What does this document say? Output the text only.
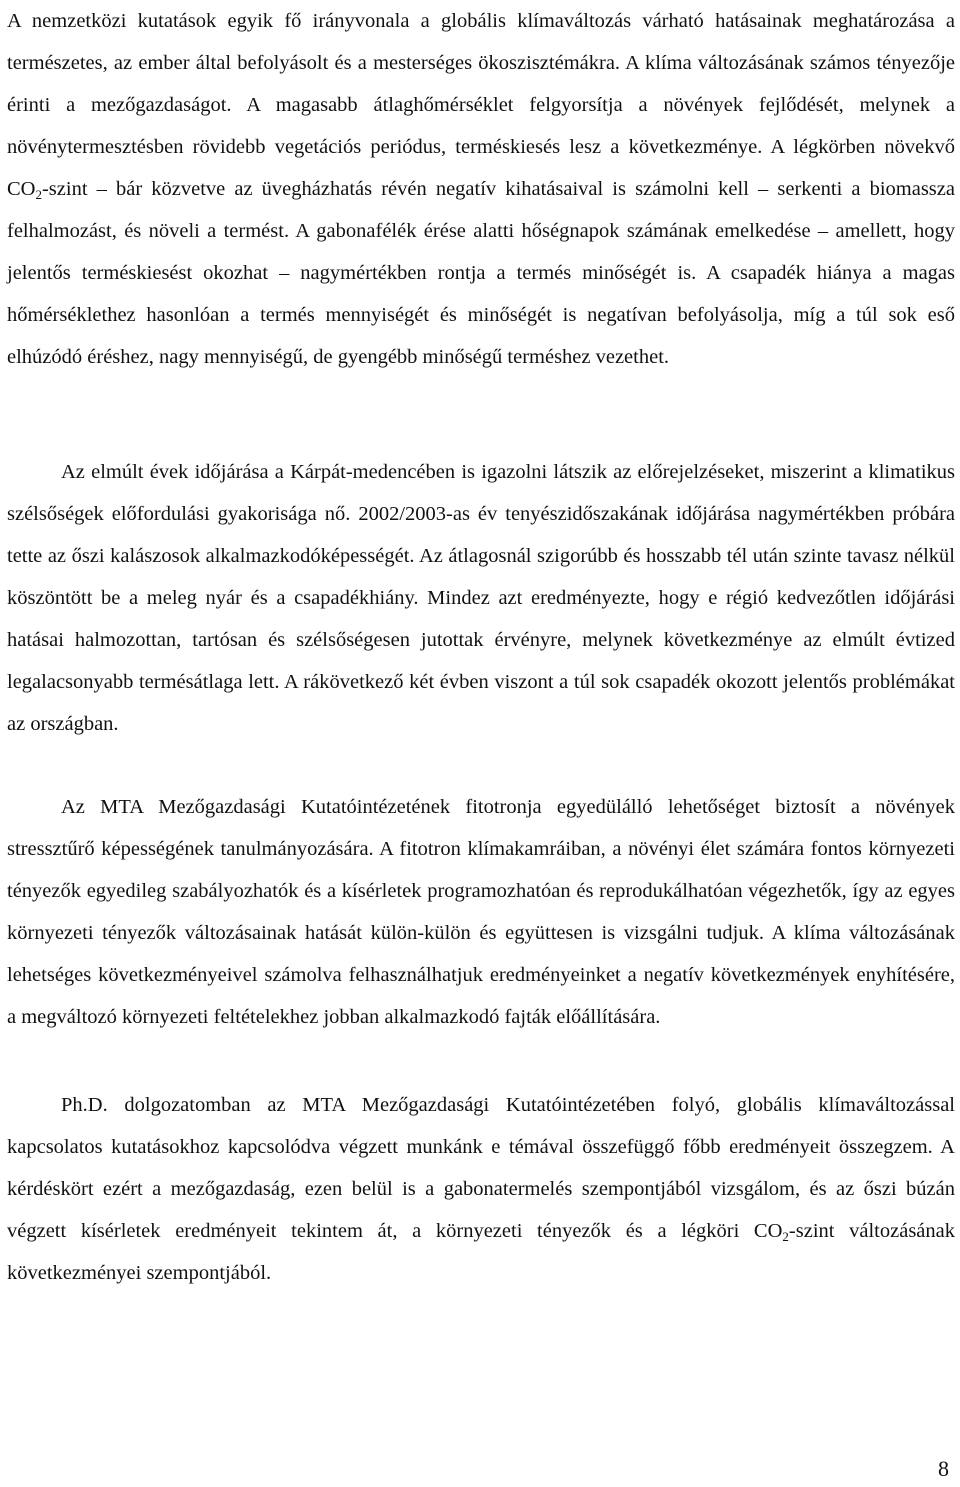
A nemzetközi kutatások egyik fő irányvonala a globális klímaváltozás várható hatásainak meghatározása a természetes, az ember által befolyásolt és a mesterséges ökoszisztémákra. A klíma változásának számos tényezője érinti a mezőgazdaságot. A magasabb átlaghőmérséklet felgyorsítja a növények fejlődését, melynek a növénytermesztésben rövidebb vegetációs periódus, terméskiesés lesz a következménye. A légkörben növekvő $CO_2$-szint – bár közvetve az üvegházhatás révén negatív kihatásaival is számolni kell – serkenti a biomassza felhalmozást, és növeli a termést. A gabonafélék érése alatti hőségnapok számának emelkedése – amellett, hogy jelentős terméskiesést okozhat – nagymértékben rontja a termés minőségét is. A csapadék hiánya a magas hőmérséklethez hasonlóan a termés mennyiségét és minőségét is negatívan befolyásolja, míg a túl sok eső elhúzódó éréshez, nagy mennyiségű, de gyengébb minőségű terméshez vezethet.

Az elmúlt évek időjárása a Kárpát-medencében is igazolni látszik az előrejelzéseket, miszerint a klimatikus szélsőségek előfordulási gyakorisága nő. 2002/2003-as év tenyészidőszakának időjárása nagymértékben próbára tette az őszi kalászosok alkalmazkodóképességét. Az átlagosnál szigorúbb és hosszabb tél után szinte tavasz nélkül köszöntött be a meleg nyár és a csapadékhiány. Mindez azt eredményezte, hogy e régió kedvezőtlen időjárási hatásai halmozottan, tartósan és szélsőségesen jutottak érvényre, melynek következménye az elmúlt évtized legalacsonyabb termésátlaga lett. A rákövetkező két évben viszont a túl sok csapadék okozott jelentős problémákat az országban.

Az MTA Mezőgazdasági Kutatóintézetének fitotronja egyedülálló lehetőséget biztosít a növények stressztűrő képességének tanulmányozására. A fitotron klímakamráiban, a növényi élet számára fontos környezeti tényezők egyedileg szabályozhatók és a kísérletek programozhatóan és reprodukálhatóan végezhetők, így az egyes környezeti tényezők változásainak hatását külön-külön és együttesen is vizsgálni tudjuk. A klíma változásának lehetséges következményeivel számolva felhasználhatjuk eredményeinket a negatív következmények enyhítésére, a megváltozó környezeti feltételekhez jobban alkalmazkodó fajták előállítására.

Ph.D. dolgozatomban az MTA Mezőgazdasági Kutatóintézetében folyó, globális klímaváltozással kapcsolatos kutatásokhoz kapcsolódva végzett munkánk e témával összefüggő főbb eredményeit összegzem. A kérdéskört ezért a mezőgazdaság, ezen belül is a gabonatermelés szempontjából vizsgálom, és az őszi búzán végzett kísérletek eredményeit tekintem át, a környezeti tényezők és a légköri $CO_2$-szint változásának következményei szempontjából.

8
